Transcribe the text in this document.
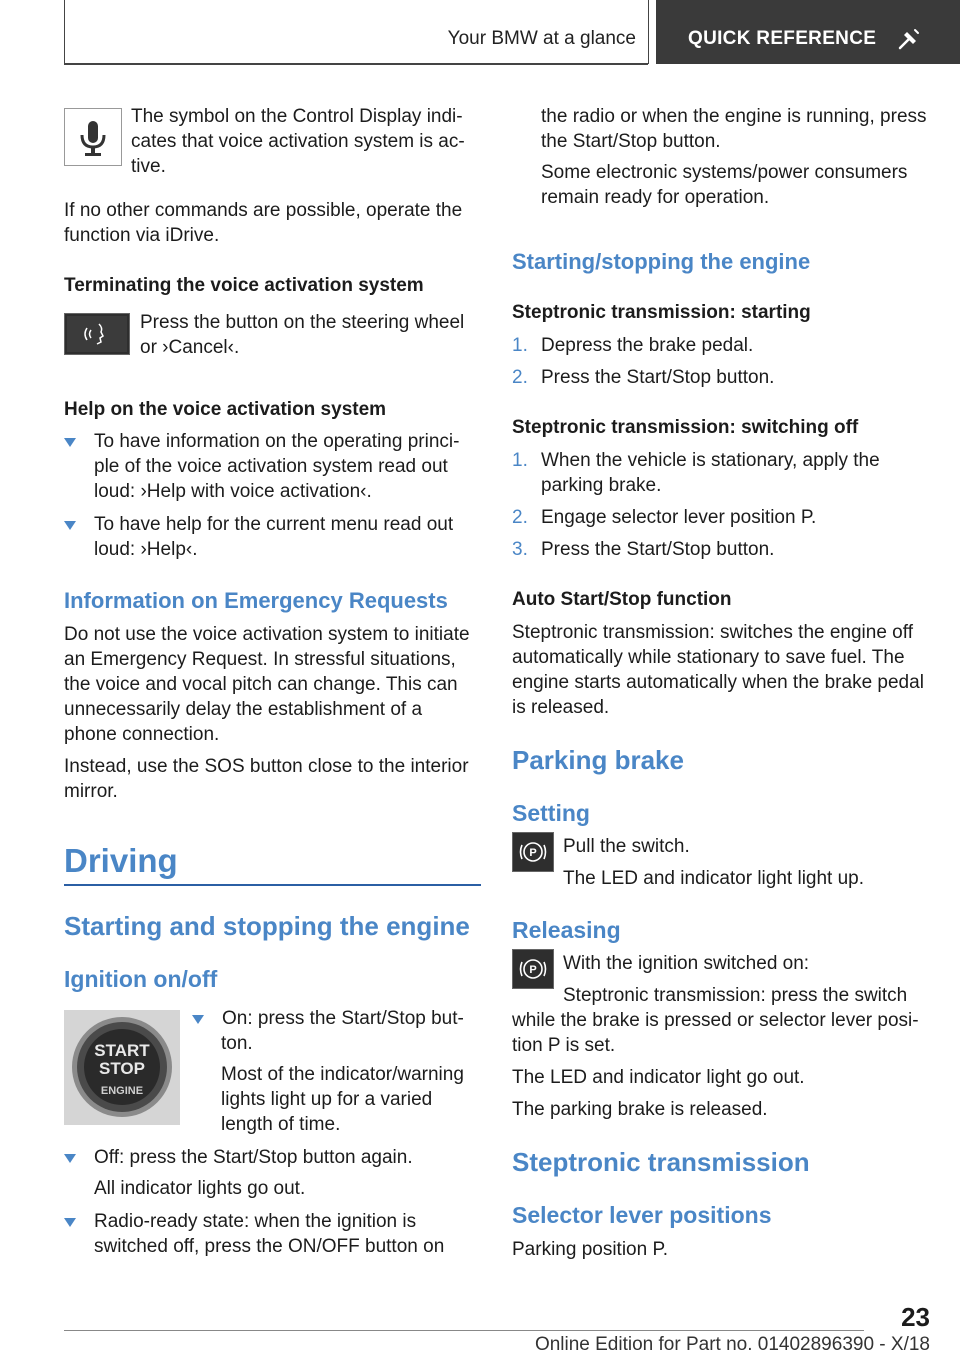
Your BMW at a glance	QUICK REFERENCE

The symbol on the Control Display indi-

cates that voice activation system is ac-

tive.

If no other commands are possible, operate the

function via iDrive.

Terminating the voice activation system

Press the button on the steering wheel

or ›Cancel‹.

Help on the voice activation system

To have information on the operating princi-

ple of the voice activation system read out

loud: ›Help with voice activation‹.

To have help for the current menu read out

loud: ›Help‹.

Information on Emergency Requests

Do not use the voice activation system to initiate

an Emergency Request. In stressful situations,

the voice and vocal pitch can change. This can

unnecessarily delay the establishment of a

phone connection.

Instead, use the SOS button close to the interior

mirror.

Driving

Starting and stopping the engine

Ignition on/off

START
STOP
ENGINE

On: press the Start/Stop but-

ton.

Most of the indicator/warning

lights light up for a varied

length of time.

Off: press the Start/Stop button again.

All indicator lights go out.

Radio-ready state: when the ignition is

switched off, press the ON/OFF button on

the radio or when the engine is running, press

the Start/Stop button.

Some electronic systems/power consumers

remain ready for operation.

Starting/stopping the engine

Steptronic transmission: starting

1. Depress the brake pedal.

2. Press the Start/Stop button.

Steptronic transmission: switching off

1. When the vehicle is stationary, apply the

parking brake.

2. Engage selector lever position P.

3. Press the Start/Stop button.

Auto Start/Stop function

Steptronic transmission: switches the engine off

automatically while stationary to save fuel. The

engine starts automatically when the brake pedal

is released.

Parking brake

Setting

P Pull the switch.

The LED and indicator light light up.

Releasing

P With the ignition switched on:

Steptronic transmission: press the switch

while the brake is pressed or selector lever posi-

tion P is set.

The LED and indicator light go out.

The parking brake is released.

Steptronic transmission

Selector lever positions

Parking position P.

23
Online Edition for Part no. 01402896390 - X/18
